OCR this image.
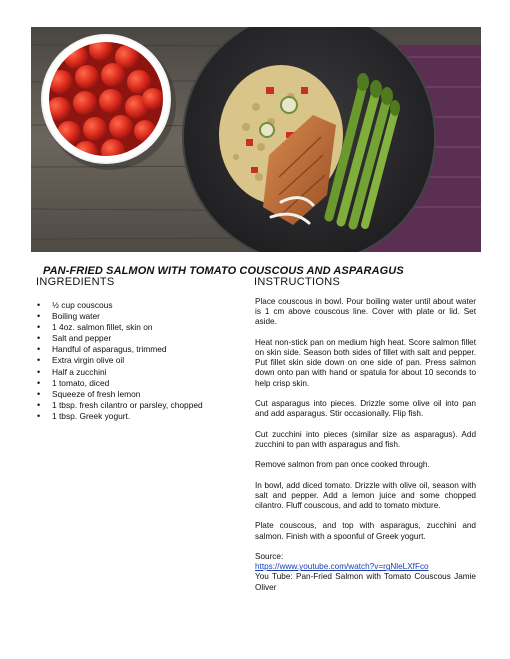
PAN-FRIED SALMON WITH TOMATO COUSCOUS AND ASPARAGUS
INGREDIENTS	INSTRUCTIONS
• ½ cup couscous
• Boiling water
• 1 4oz. salmon fillet, skin on
• Salt and pepper
• Handful of asparagus, trimmed
• Extra virgin olive oil
• Half a zucchini
• 1 tomato, diced
• Squeeze of fresh lemon
• 1 tbsp. fresh cilantro or parsley, chopped
• 1 tbsp. Greek yogurt.

Place couscous in bowl. Pour boiling water until about water is 1 cm above couscous line. Cover with plate or lid. Set aside.

Heat non-stick pan on medium high heat. Score salmon fillet on skin side. Season both sides of fillet with salt and pepper. Put fillet skin side down on one side of pan. Press salmon down onto pan with hand or spatula for about 10 seconds to help crisp skin.

Cut asparagus into pieces. Drizzle some olive oil into pan and add asparagus. Stir occasionally. Flip fish.

Cut zucchini into pieces (similar size as asparagus). Add zucchini to pan with asparagus and fish.

Remove salmon from pan once cooked through.

In bowl, add diced tomato. Drizzle with olive oil, season with salt and pepper. Add a lemon juice and some chopped cilantro. Fluff couscous, and add to tomato mixture.

Plate couscous, and top with asparagus, zucchini and salmon. Finish with a spoonful of Greek yogurt.

Source:

https://www.youtube.com/watch?v=rgNleLXfFco

You Tube: Pan-Fried Salmon with Tomato Couscous Jamie Oliver
